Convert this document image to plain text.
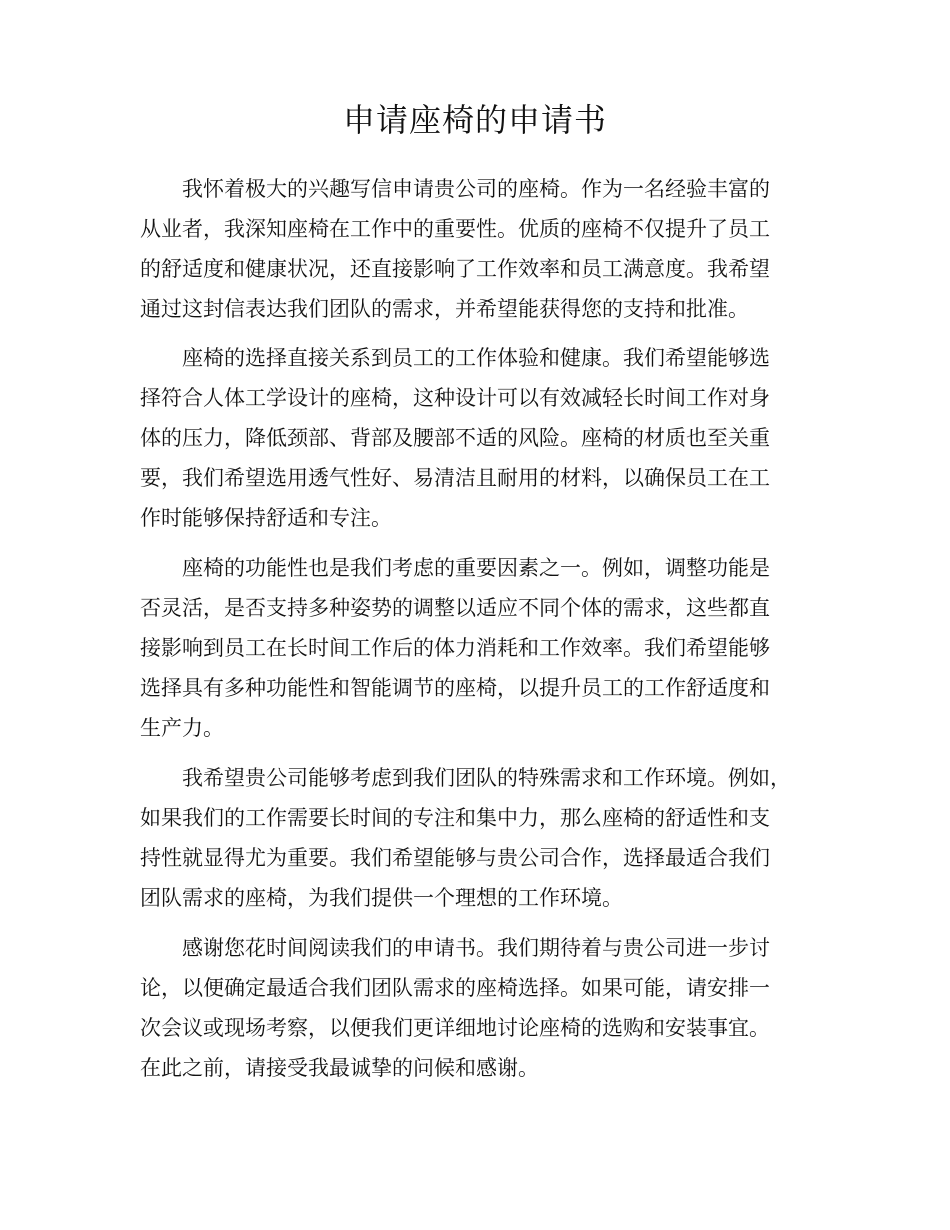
申请座椅的申请书

我怀着极大的兴趣写信申请贵公司的座椅。作为一名经验丰富的

从业者，我深知座椅在工作中的重要性。优质的座椅不仅提升了员工

的舒适度和健康状况，还直接影响了工作效率和员工满意度。我希望

通过这封信表达我们团队的需求，并希望能获得您的支持和批准。

座椅的选择直接关系到员工的工作体验和健康。我们希望能够选

择符合人体工学设计的座椅，这种设计可以有效减轻长时间工作对身

体的压力，降低颈部、背部及腰部不适的风险。座椅的材质也至关重

要，我们希望选用透气性好、易清洁且耐用的材料，以确保员工在工

作时能够保持舒适和专注。

座椅的功能性也是我们考虑的重要因素之一。例如，调整功能是

否灵活，是否支持多种姿势的调整以适应不同个体的需求，这些都直

接影响到员工在长时间工作后的体力消耗和工作效率。我们希望能够

选择具有多种功能性和智能调节的座椅，以提升员工的工作舒适度和

生产力。

我希望贵公司能够考虑到我们团队的特殊需求和工作环境。例如，

如果我们的工作需要长时间的专注和集中力，那么座椅的舒适性和支

持性就显得尤为重要。我们希望能够与贵公司合作，选择最适合我们

团队需求的座椅，为我们提供一个理想的工作环境。

感谢您花时间阅读我们的申请书。我们期待着与贵公司进一步讨

论，以便确定最适合我们团队需求的座椅选择。如果可能，请安排一

次会议或现场考察，以便我们更详细地讨论座椅的选购和安装事宜。

在此之前，请接受我最诚挚的问候和感谢。
